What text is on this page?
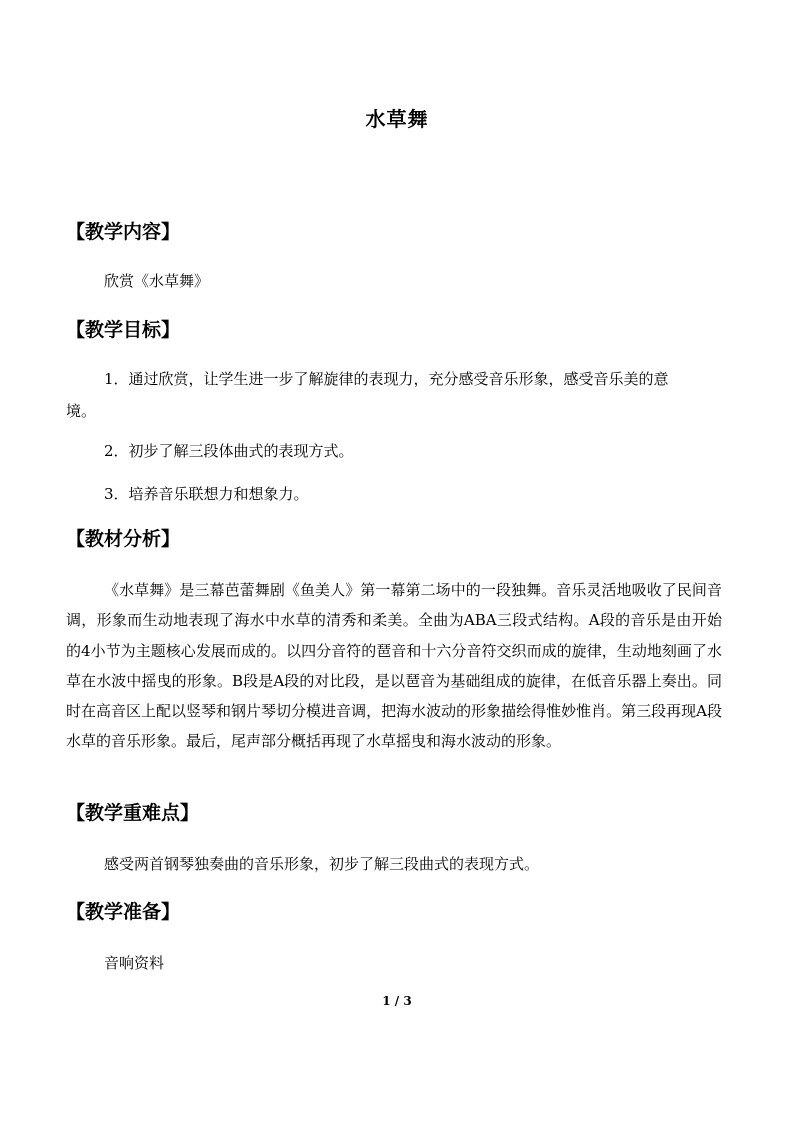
水草舞
【教学内容】
欣赏《水草舞》
【教学目标】
1．通过欣赏，让学生进一步了解旋律的表现力，充分感受音乐形象，感受音乐美的意
境。
2．初步了解三段体曲式的表现方式。
3．培养音乐联想力和想象力。
【教材分析】
《水草舞》是三幕芭蕾舞剧《鱼美人》第一幕第二场中的一段独舞。音乐灵活地吸收了民间音调，形象而生动地表现了海水中水草的清秀和柔美。全曲为ABA三段式结构。A段的音乐是由开始的4小节为主题核心发展而成的。以四分音符的琶音和十六分音符交织而成的旋律，生动地刻画了水草在水波中摇曳的形象。B段是A段的对比段，是以琶音为基础组成的旋律，在低音乐器上奏出。同时在高音区上配以竖琴和钢片琴切分模进音调，把海水波动的形象描绘得惟妙惟肖。第三段再现A段水草的音乐形象。最后，尾声部分概括再现了水草摇曳和海水波动的形象。
【教学重难点】
感受两首钢琴独奏曲的音乐形象，初步了解三段曲式的表现方式。
【教学准备】
音响资料
1 / 3
